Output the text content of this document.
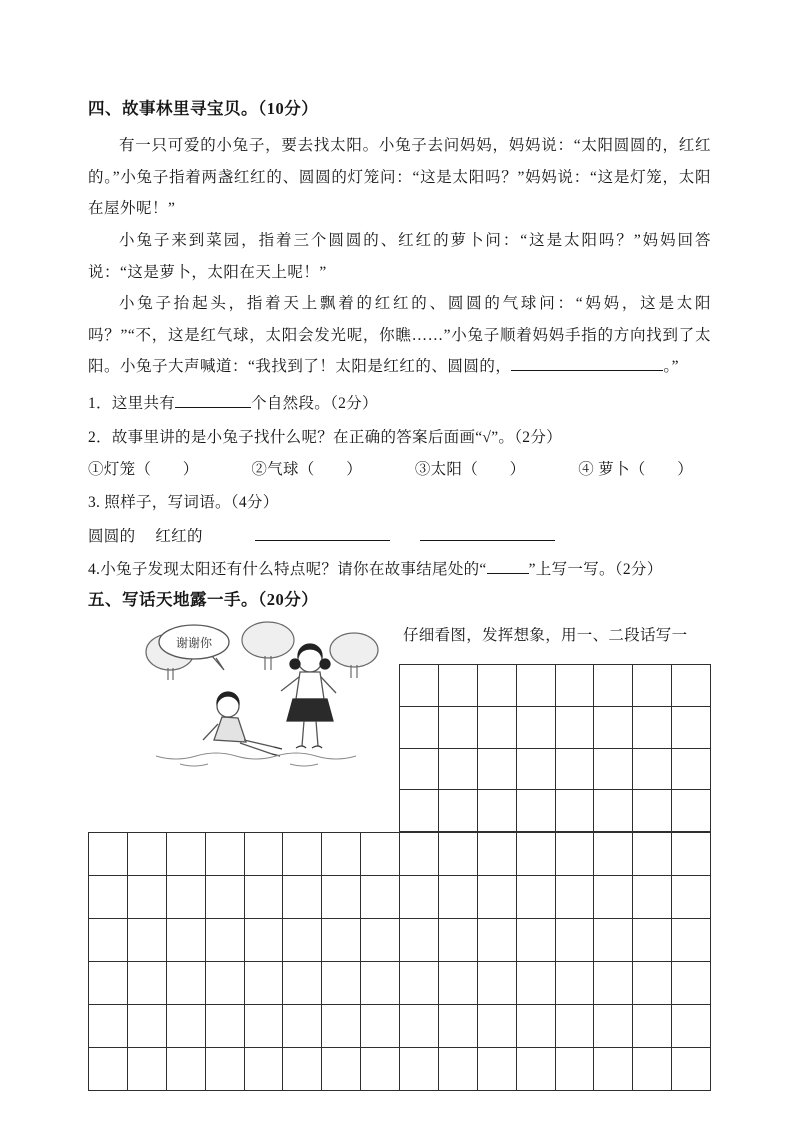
四、故事林里寻宝贝。（10分）

有一只可爱的小兔子，要去找太阳。小兔子去问妈妈，妈妈说：“太阳圆圆的，红红的。”小兔子指着两盏红红的、圆圆的灯笼问：“这是太阳吗？”妈妈说：“这是灯笼，太阳在屋外呢！”

小兔子来到菜园，指着三个圆圆的、红红的萝卜问：“这是太阳吗？”妈妈回答说：“这是萝卜，太阳在天上呢！”

小兔子抬起头，指着天上飘着的红红的、圆圆的气球问：“妈妈，这是太阳吗？”“不，这是红气球，太阳会发光呢，你瞧……”小兔子顺着妈妈手指的方向找到了太阳。小兔子大声喊道：“我找到了！太阳是红红的、圆圆的，	。”

1．这里共有	个自然段。（2分）
2．故事里讲的是小兔子找什么呢？在正确的答案后面画“√”。（2分）
①灯笼（　　）	②气球（　　）	③太阳（　　）	④ 萝卜（　　）
3. 照样子，写词语。（4分）
圆圆的　 红红的
4.小兔子发现太阳还有什么特点呢？请你在故事结尾处的“	”上写一写。（2分）
五、写话天地露一手。（20分）
谢谢你	仔细看图，发挥想象，用一、二段话写一
